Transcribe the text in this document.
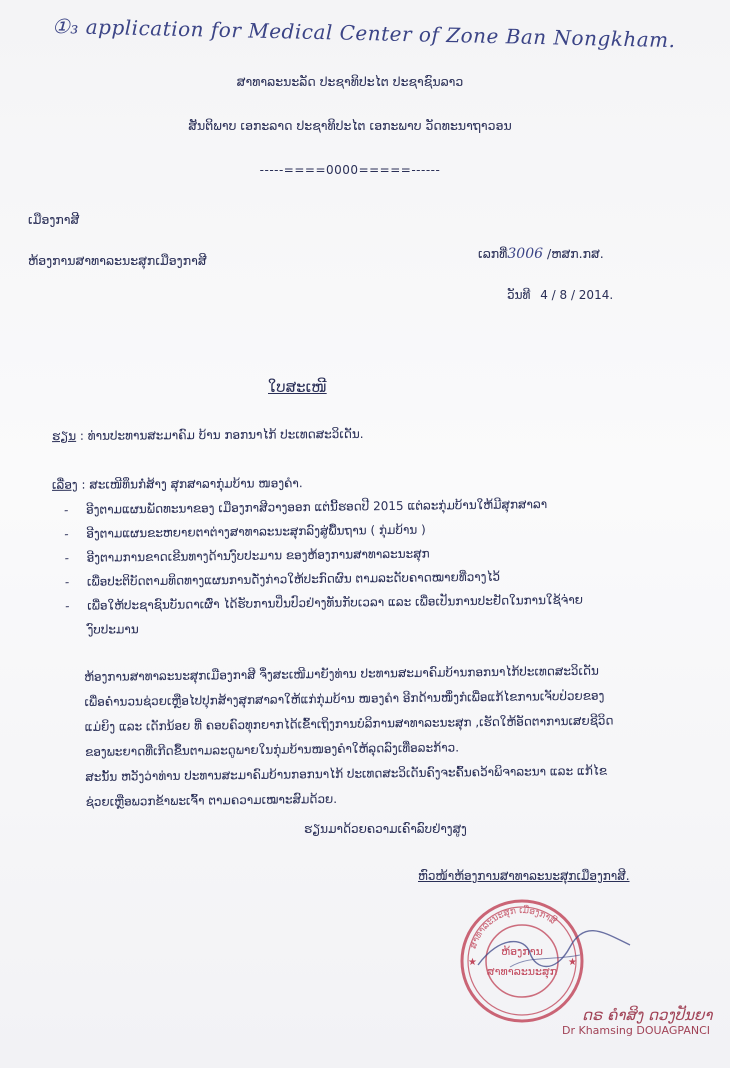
①₃ application for Medical Center of Zone Ban Nongkham.
ສາທາລະນະລັດ ປະຊາທິປະໄຕ ປະຊາຊົນລາວ
ສັນຕິພາບ ເອກະລາດ ປະຊາທິປະໄຕ ເອກະພາບ ວັດທະນາຖາວອນ
-----====0000=====------
ເມືອງກາສີ
ຫ້ອງການສາທາລະນະສຸກເມືອງກາສີ	ເລກທີ່3006 /ຫສກ.ກສ.
ວັນທີ 4 / 8 / 2014.
ໃບສະເໜີ
ຮຽນ : ທ່ານປະທານສະມາຄົມ ບ້ານ ກອກນາໄກ້ ປະເທດສະວິເດັນ.
ເລື່ອງ : ສະເໜີທຶນກໍ່ສ້າງ ສຸກສາລາກຸ່ມບ້ານ ໜອງຄໍາ.
- ອີງຕາມແຜນພັດທະນາຂອງ ເມືອງກາສີວາງອອກ ແຕ່ນີ້ຮອດປີ 2015 ແຕ່ລະກຸ່ມບ້ານໃຫ້ມີສຸກສາລາ
- ອີງຕາມແຜນຂະຫຍາຍຕາຕ່າງສາທາລະນະສຸກລົງສູ່ພື້ນຖານ ( ກຸ່ມບ້ານ )
- ອີງຕາມການຂາດເຂີນທາງດ້ານງົບປະມານ ຂອງຫ້ອງການສາທາລະນະສຸກ
- ເພື່ອປະຕິບັດຕາມທິດທາງແຜນການດັ່ງກ່າວໃຫ້ປະກົດຜົນ ຕາມລະດັບຄາດໝາຍທີ່ວາງໄວ້
- ເພື່ອໃຫ້ປະຊາຊົນບັນດາເຜົ່າ ໄດ້ຮັບການປິ່ນປົວຢ່າງທັນກັບເວລາ ແລະ ເພື່ອເປັນການປະຢັດໃນການໃຊ້ຈ່າຍ
ງົບປະມານ
ຫ້ອງການສາທາລະນະສຸກເມືອງກາສີ ຈຶ່ງສະເໜີມາຍັງທ່ານ ປະທານສະມາຄົມບ້ານກອກນາໄກ້ປະເທດສະວິເດັນ
ເພື່ອຄໍານວນຊ່ວຍເຫຼືອໄປປຸກສ້າງສຸກສາລາໃຫ້ແກ່ກຸ່ມບ້ານ ໜອງຄໍາ ອີກດ້ານໜຶ່ງກໍເພື່ອແກ້ໄຂການເຈັບປ່ວຍຂອງ
ແມ່ຍິງ ແລະ ເດັກນ້ອຍ ທີ່ ຄອບຄົວທຸກຍາກໄດ້ເຂົ້າເຖິງການບໍລິການສາທາລະນະສຸກ ,ເຮັດໃຫ້ອັດຕາການເສຍຊີວິດ
ຂອງພະຍາດທີ່ເກີດຂຶ້ນຕາມລະດູພາຍໃນກຸ່ມບ້ານໜອງຄໍາໃຫ້ລຸດລົງເທື່ອລະກ້າວ.
ສະນັ້ນ ຫວັງວ່າທ່ານ ປະທານສະມາຄົມບ້ານກອກນາໄກ້ ປະເທດສະວິເດັນຄົງຈະຄົ້ນຄວ້າພິຈາລະນາ ແລະ ແກ້ໄຂ
ຊ່ວຍເຫຼືອພວກຂ້າພະເຈົ້າ ຕາມຄວາມເໝາະສົມດ້ວຍ.
ຮຽນມາດ້ວຍຄວາມເຄົາລົບຢ່າງສູງ
ຫົວໜ້າຫ້ອງການສາທາລະນະສຸກເມືອງກາສີ.
ສາທາລະນະສຸກ ເມືອງກາສີ
ຫ້ອງການ
ສາທາລະນະສຸກ
★
★
ດຣ ຄໍາສິງ ດວງປັນຍາ
Dr Khamsing DOUAGPANCI
